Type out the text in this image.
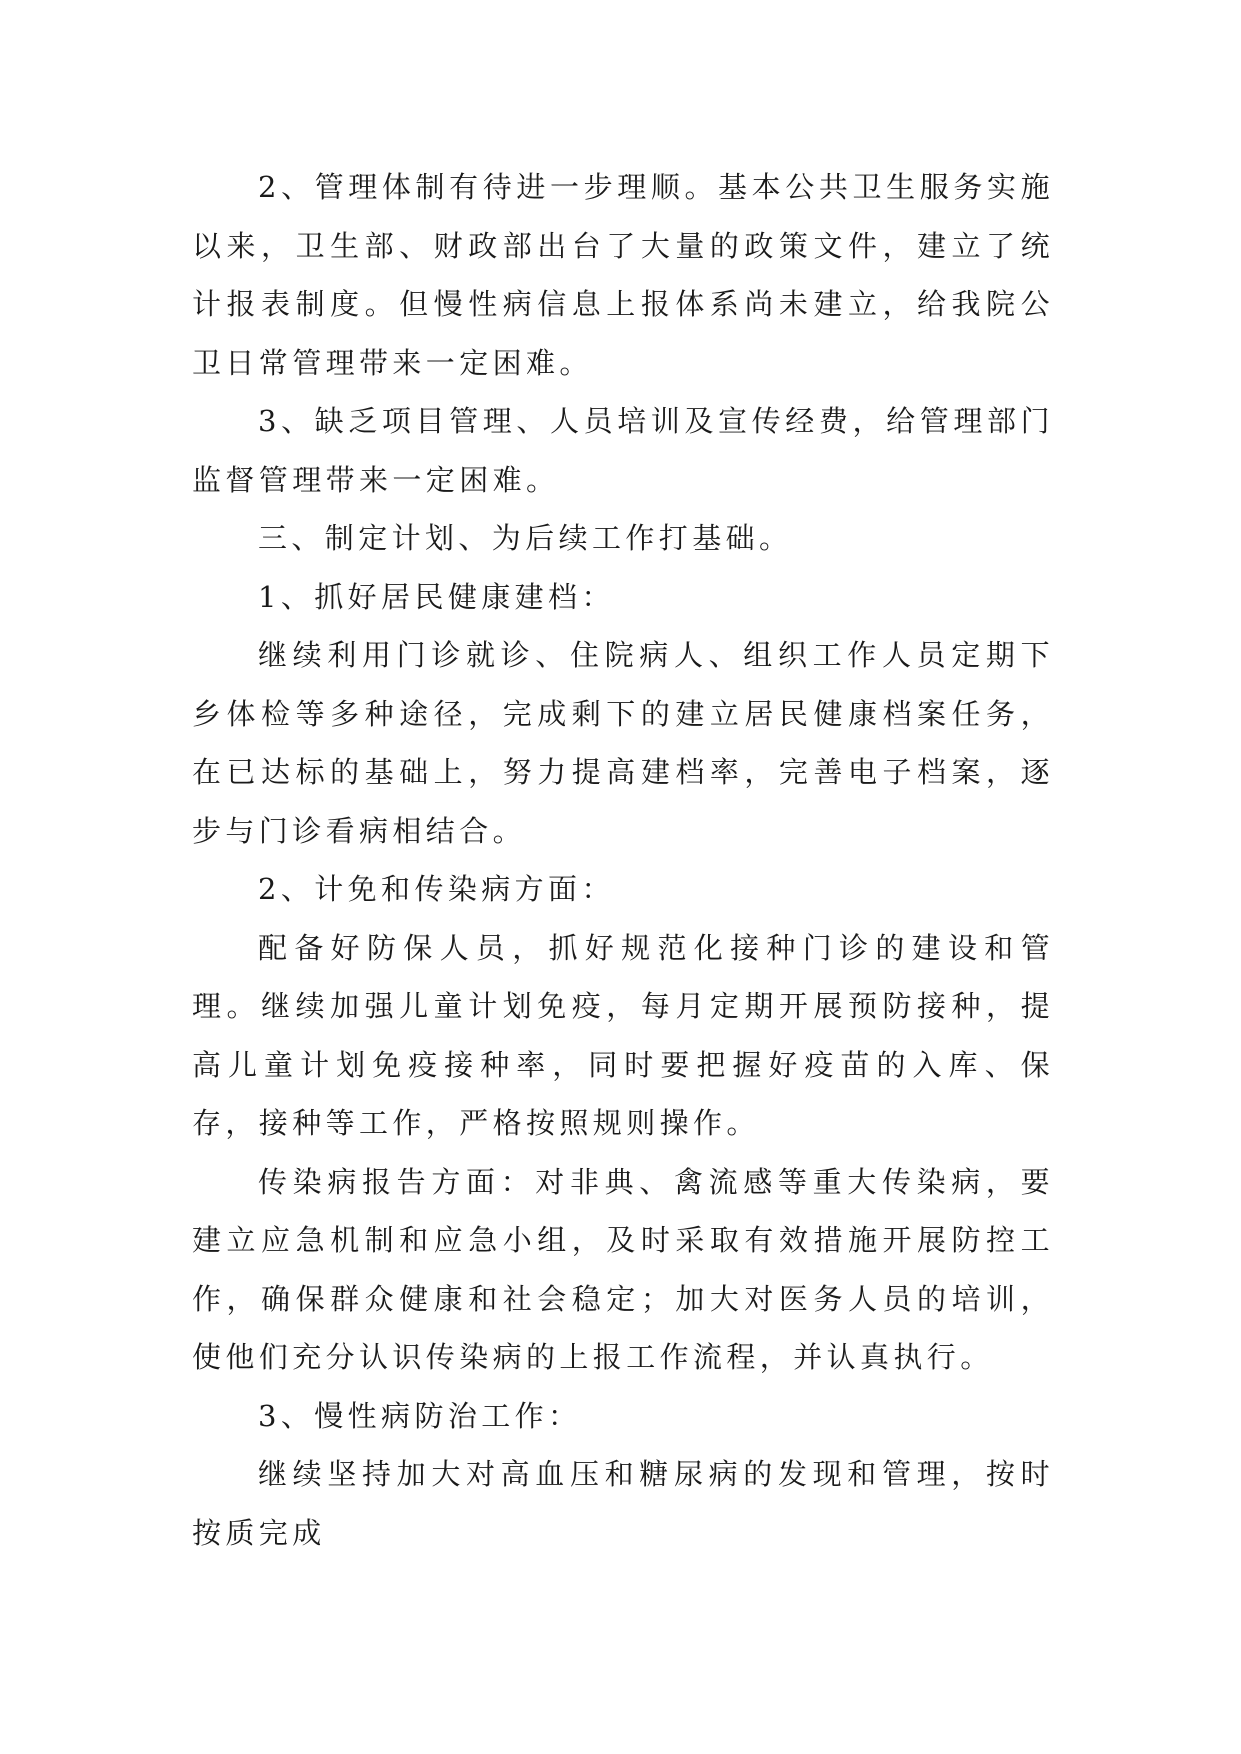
2、管理体制有待进一步理顺。基本公共卫生服务实施以来，卫生部、财政部出台了大量的政策文件，建立了统计报表制度。但慢性病信息上报体系尚未建立，给我院公卫日常管理带来一定困难。

3、缺乏项目管理、人员培训及宣传经费，给管理部门监督管理带来一定困难。

三、制定计划、为后续工作打基础。

1、抓好居民健康建档：

继续利用门诊就诊、住院病人、组织工作人员定期下乡体检等多种途径，完成剩下的建立居民健康档案任务，在已达标的基础上，努力提高建档率，完善电子档案，逐步与门诊看病相结合。

2、计免和传染病方面：

配备好防保人员，抓好规范化接种门诊的建设和管理。继续加强儿童计划免疫，每月定期开展预防接种，提高儿童计划免疫接种率，同时要把握好疫苗的入库、保存，接种等工作，严格按照规则操作。

传染病报告方面：对非典、禽流感等重大传染病，要建立应急机制和应急小组，及时采取有效措施开展防控工作，确保群众健康和社会稳定；加大对医务人员的培训，使他们充分认识传染病的上报工作流程，并认真执行。

3、慢性病防治工作：

继续坚持加大对高血压和糖尿病的发现和管理，按时按质完成
